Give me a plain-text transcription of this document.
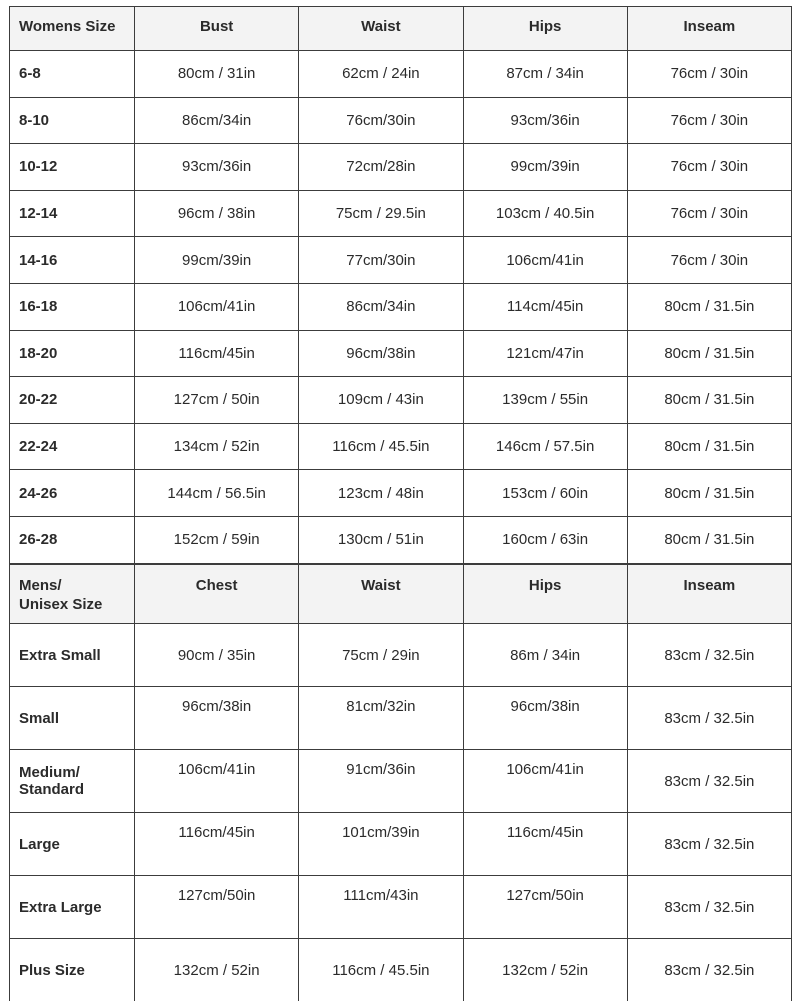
Womens Size	Bust	Waist	Hips	Inseam
6-8	80cm / 31in	62cm / 24in	87cm / 34in	76cm / 30in
8-10	86cm/34in	76cm/30in	93cm/36in	76cm / 30in
10-12	93cm/36in	72cm/28in	99cm/39in	76cm / 30in
12-14	96cm / 38in	75cm / 29.5in	103cm / 40.5in	76cm / 30in
14-16	99cm/39in	77cm/30in	106cm/41in	76cm / 30in
16-18	106cm/41in	86cm/34in	114cm/45in	80cm / 31.5in
18-20	116cm/45in	96cm/38in	121cm/47in	80cm / 31.5in
20-22	127cm / 50in	109cm / 43in	139cm / 55in	80cm / 31.5in
22-24	134cm / 52in	116cm / 45.5in	146cm / 57.5in	80cm / 31.5in
24-26	144cm / 56.5in	123cm / 48in	153cm / 60in	80cm / 31.5in
26-28	152cm / 59in	130cm / 51in	160cm / 63in	80cm / 31.5in
Mens/
Unisex Size	Chest	Waist	Hips	Inseam
Extra Small	90cm / 35in	75cm / 29in	86m / 34in	83cm / 32.5in
Small	96cm/38in	81cm/32in	96cm/38in	83cm / 32.5in
Medium/
Standard	106cm/41in	91cm/36in	106cm/41in	83cm / 32.5in
Large	116cm/45in	101cm/39in	116cm/45in	83cm / 32.5in
Extra Large	127cm/50in	111cm/43in	127cm/50in	83cm / 32.5in
Plus Size	132cm / 52in	116cm / 45.5in	132cm / 52in	83cm / 32.5in
